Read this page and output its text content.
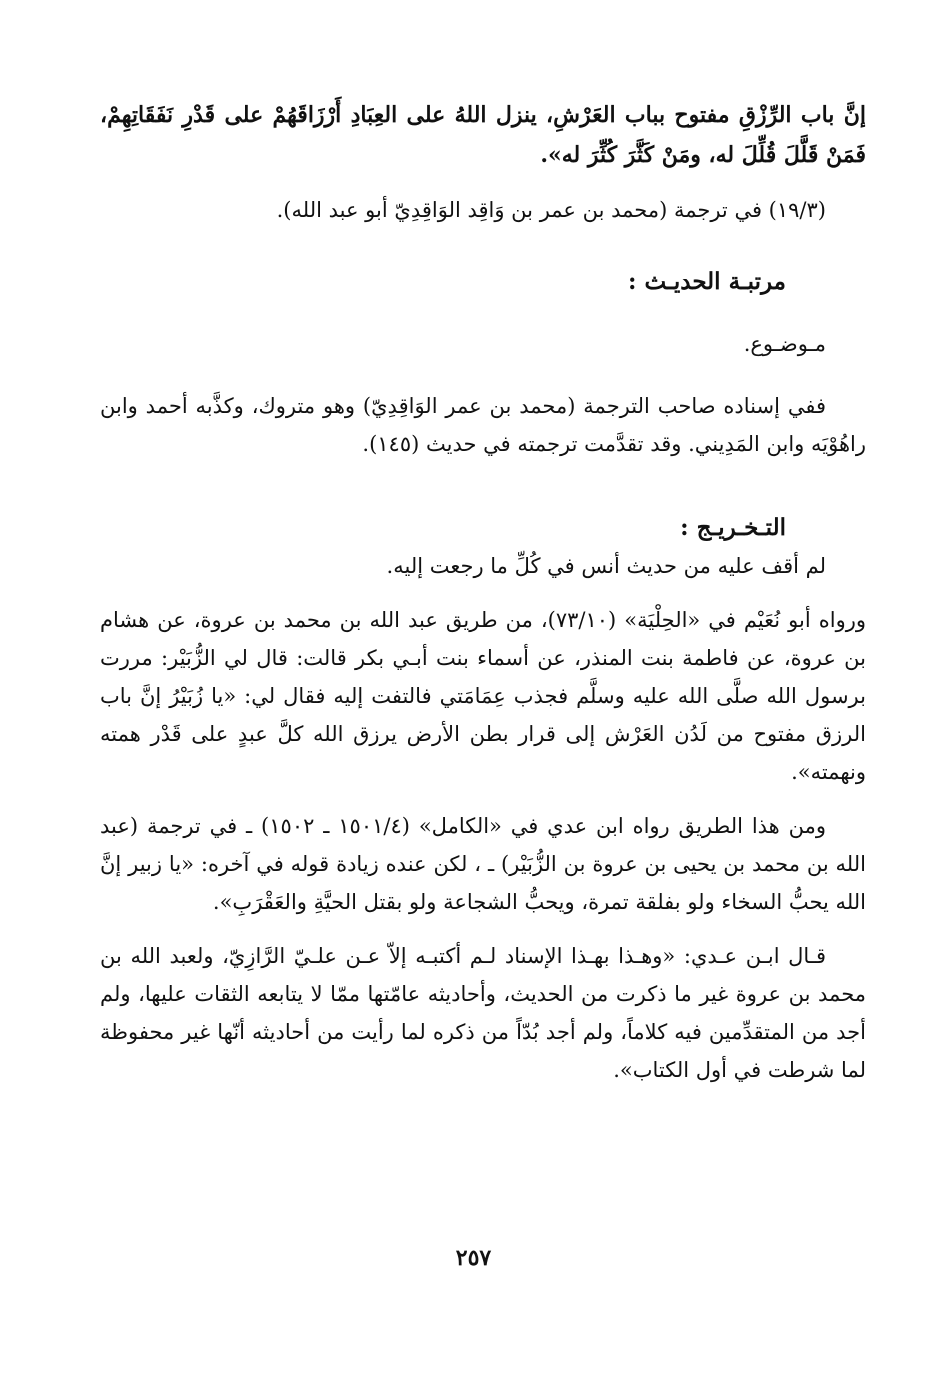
إنَّ باب الرِّزْقِ مفتوح بباب العَرْشِ، ينزل اللهُ على العِبَادِ أَرْزَاقَهُمْ على قَدْرِ نَفَقَاتِهِمْ، فَمَنْ قَلَّلَ قُلِّلَ له، ومَنْ كَثَّرَ كُثِّرَ له».

(١٩/٣) في ترجمة (محمد بن عمر بن وَاقِد الوَاقِدِيّ أبو عبد الله).

مرتبـة الحديـث :

مـوضـوع.

ففي إسناده صاحب الترجمة (محمد بن عمر الوَاقِدِيّ) وهو متروك، وكذَّبه أحمد وابن راهُوْيَه وابن المَدِيني. وقد تقدَّمت ترجمته في حديث (١٤٥).

التـخـريـج :

لم أقف عليه من حديث أنس في كُلِّ ما رجعت إليه.

ورواه أبو نُعَيْم في «الحِلْيَة» (٧٣/١٠)، من طريق عبد الله بن محمد بن عروة، عن هشام بن عروة، عن فاطمة بنت المنذر، عن أسماء بنت أبـي بكر قالت: قال لي الزُّبَيْر: مررت برسول الله صلَّى الله عليه وسلَّم فجذب عِمَامَتي فالتفت إليه فقال لي: «يا زُبَيْرُ إنَّ باب الرزق مفتوح من لَدُن العَرْش إلى قرار بطن الأرض يرزق الله كلَّ عبدٍ على قَدْر همته ونهمته».

ومن هذا الطريق رواه ابن عدي في «الكامل» (١٥٠١/٤ ـ ١٥٠٢) ـ في ترجمة (عبد الله بن محمد بن يحيى بن عروة بن الزُّبَيْر) ـ ، لكن عنده زيادة قوله في آخره: «يا زبير إنَّ الله يحبُّ السخاء ولو بفلقة تمرة، ويحبُّ الشجاعة ولو بقتل الحيَّةِ والعَقْرَبِ».

قـال ابـن عـدي: «وهـذا بهـذا الإسناد لـم أكتبـه إلاّ عـن علـيّ الرَّازِيّ، ولعبد الله بن محمد بن عروة غير ما ذكرت من الحديث، وأحاديثه عامّتها ممّا لا يتابعه الثقات عليها، ولم أجد من المتقدِّمين فيه كلاماً، ولم أجد بُدّاً من ذكره لما رأيت من أحاديثه أنّها غير محفوظة لما شرطت في أول الكتاب».

٢٥٧
